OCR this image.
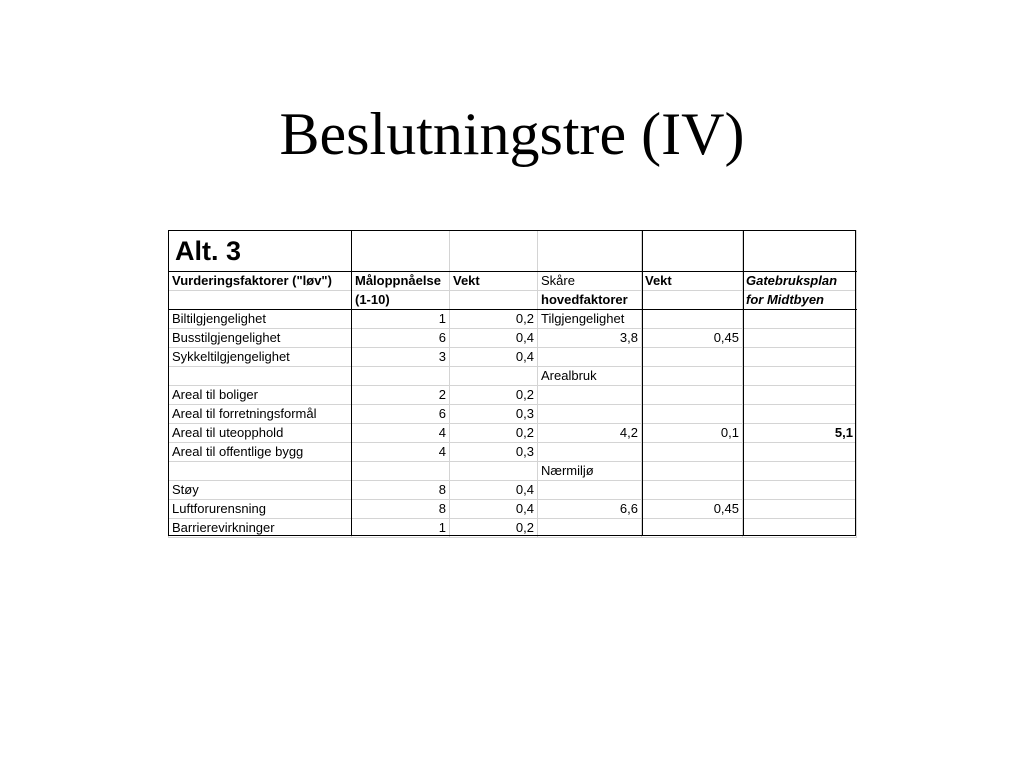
Beslutningstre (IV)
Alt. 3					
Vurderingsfaktorer ("løv")	Måloppnåelse	Vekt	Skåre	Vekt	Gatebruksplan
	(1-10)		hovedfaktorer		for Midtbyen
Biltilgjengelighet	1	0,2	Tilgjengelighet		
Busstilgjengelighet	6	0,4	3,8	0,45	
Sykkeltilgjengelighet	3	0,4			
			Arealbruk		
Areal til boliger	2	0,2			
Areal til forretningsformål	6	0,3			
Areal til uteopphold	4	0,2	4,2	0,1	5,1
Areal til offentlige bygg	4	0,3			
			Nærmiljø		
Støy	8	0,4			
Luftforurensning	8	0,4	6,6	0,45	
Barrierevirkninger	1	0,2			
